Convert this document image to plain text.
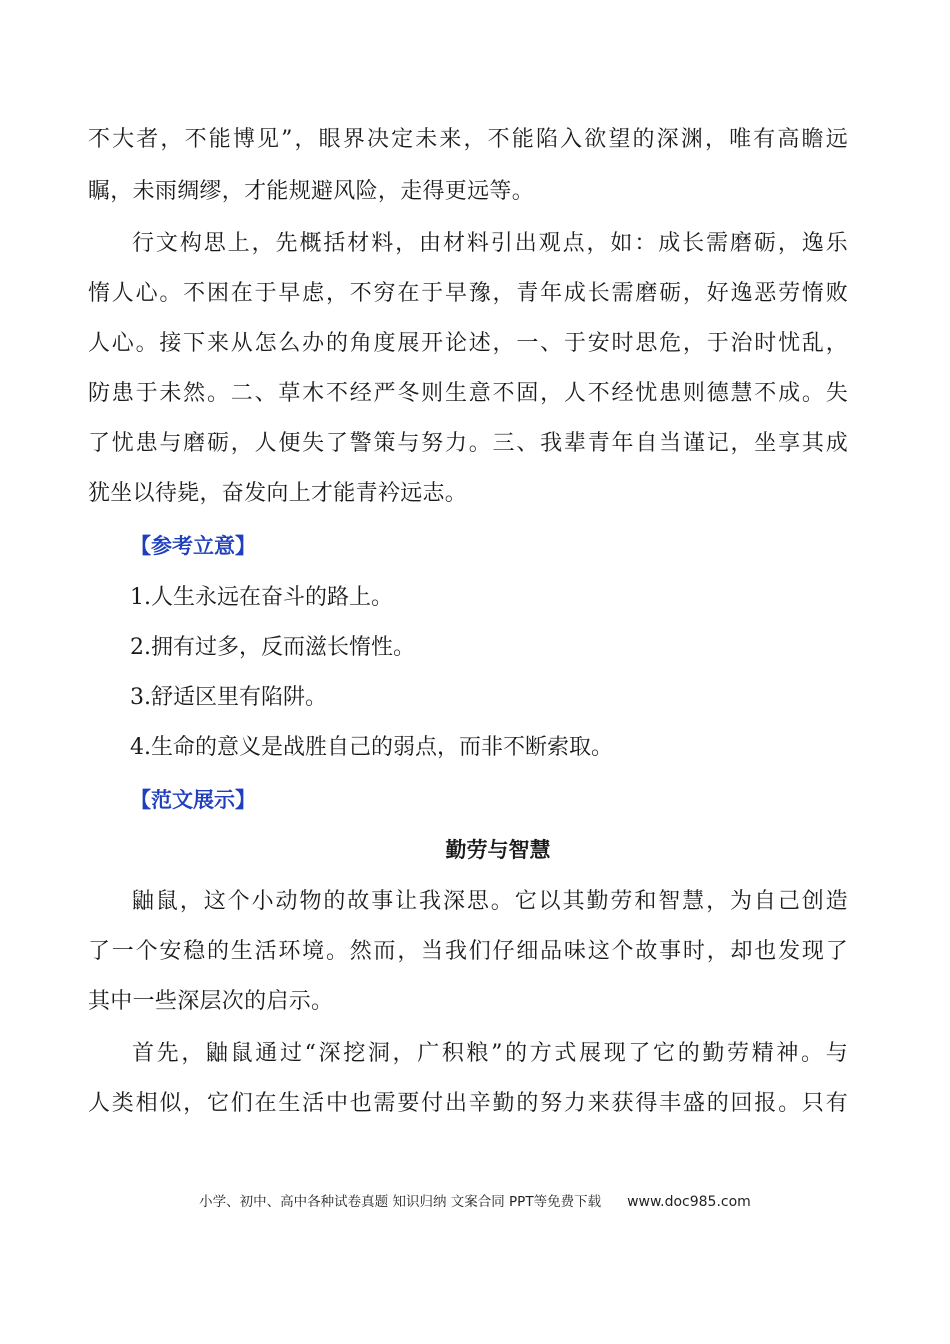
不大者，不能博见”，眼界决定未来，不能陷入欲望的深渊，唯有高瞻远
瞩，未雨绸缪，才能规避风险，走得更远等。
行文构思上，先概括材料，由材料引出观点，如：成长需磨砺，逸乐
惰人心。不困在于早虑，不穷在于早豫，青年成长需磨砺，好逸恶劳惰败
人心。接下来从怎么办的角度展开论述，一、于安时思危，于治时忧乱，
防患于未然。二、草木不经严冬则生意不固，人不经忧患则德慧不成。失
了忧患与磨砺，人便失了警策与努力。三、我辈青年自当谨记，坐享其成
犹坐以待毙，奋发向上才能青衿远志。
【参考立意】
1.人生永远在奋斗的路上。
2.拥有过多，反而滋长惰性。
3.舒适区里有陷阱。
4.生命的意义是战胜自己的弱点，而非不断索取。
【范文展示】
勤劳与智慧
鼬鼠，这个小动物的故事让我深思。它以其勤劳和智慧，为自己创造
了一个安稳的生活环境。然而，当我们仔细品味这个故事时，却也发现了
其中一些深层次的启示。
首先，鼬鼠通过“深挖洞，广积粮”的方式展现了它的勤劳精神。与
人类相似，它们在生活中也需要付出辛勤的努力来获得丰盛的回报。只有
小学、初中、高中各种试卷真题 知识归纳 文案合同 PPT等免费下载 www.doc985.com
